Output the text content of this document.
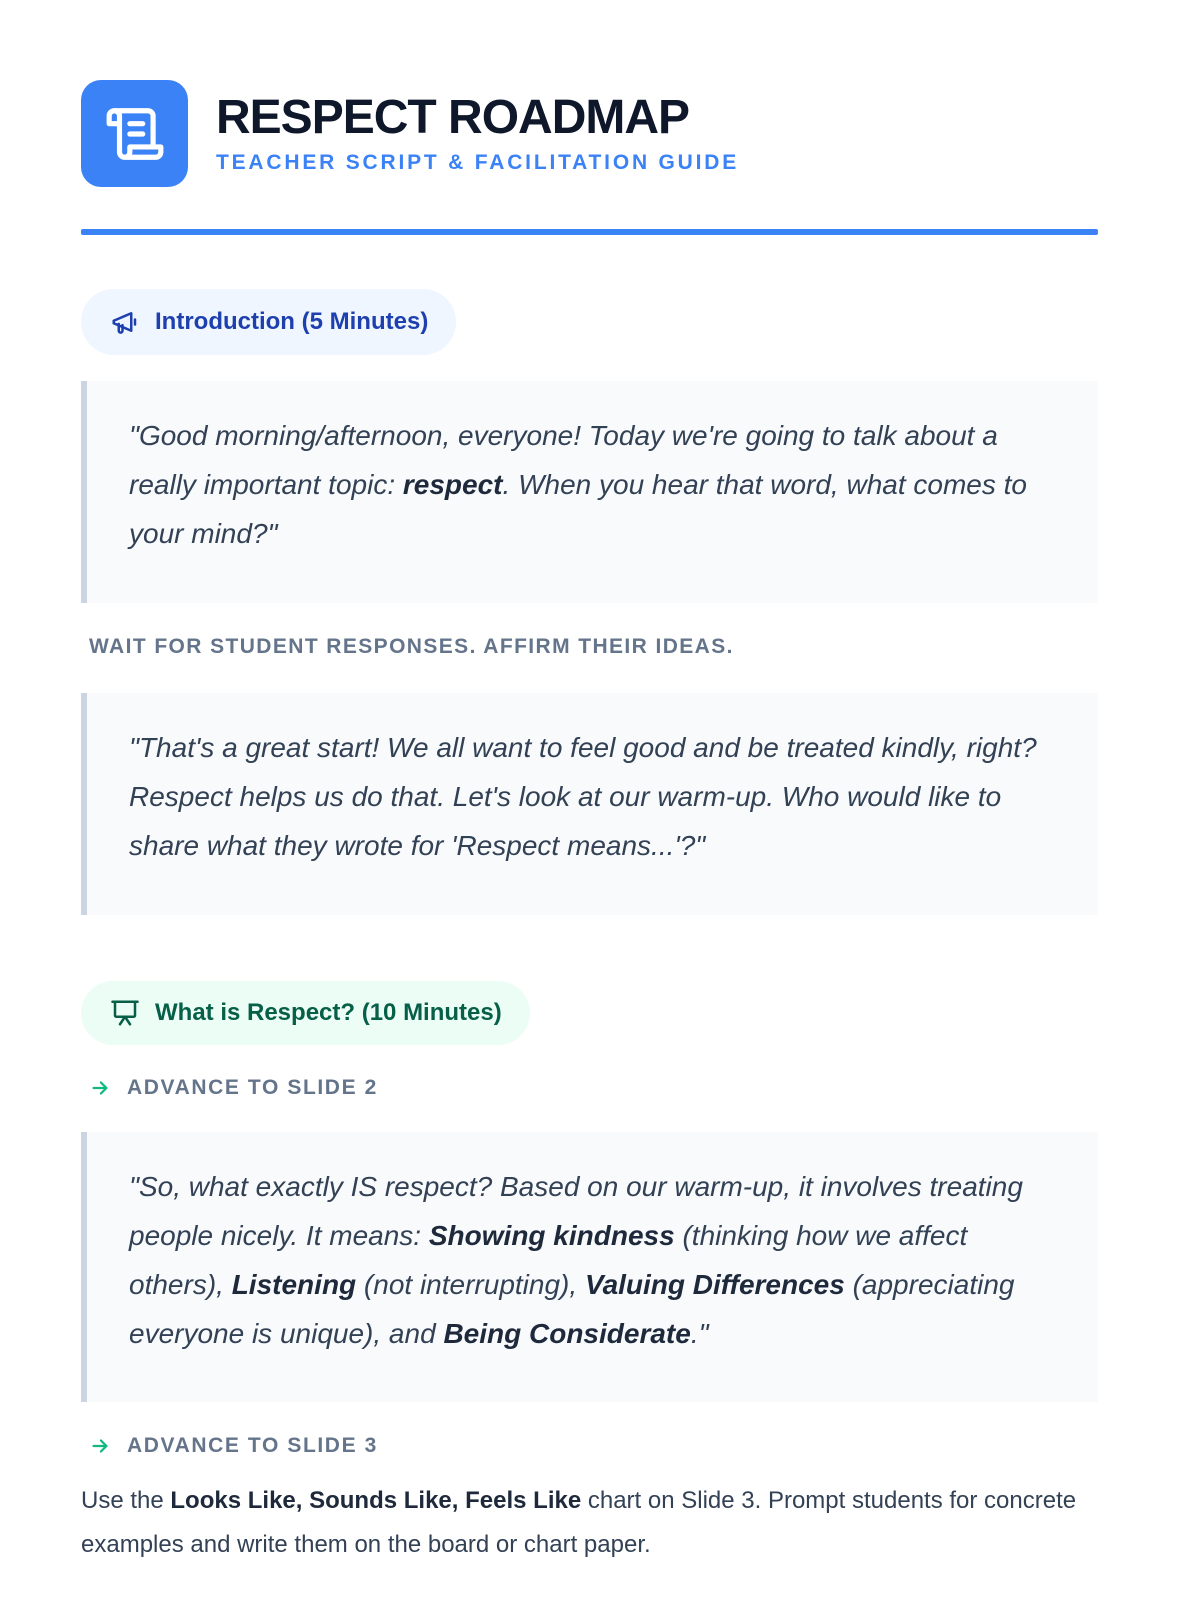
RESPECT ROADMAP
TEACHER SCRIPT & FACILITATION GUIDE
Introduction (5 Minutes)
"Good morning/afternoon, everyone! Today we're going to talk about a really important topic: respect. When you hear that word, what comes to your mind?"
WAIT FOR STUDENT RESPONSES. AFFIRM THEIR IDEAS.
"That's a great start! We all want to feel good and be treated kindly, right? Respect helps us do that. Let's look at our warm-up. Who would like to share what they wrote for 'Respect means...'?"
What is Respect? (10 Minutes)
ADVANCE TO SLIDE 2
"So, what exactly IS respect? Based on our warm-up, it involves treating people nicely. It means: Showing kindness (thinking how we affect others), Listening (not interrupting), Valuing Differences (appreciating everyone is unique), and Being Considerate."
ADVANCE TO SLIDE 3
Use the Looks Like, Sounds Like, Feels Like chart on Slide 3. Prompt students for concrete examples and write them on the board or chart paper.
